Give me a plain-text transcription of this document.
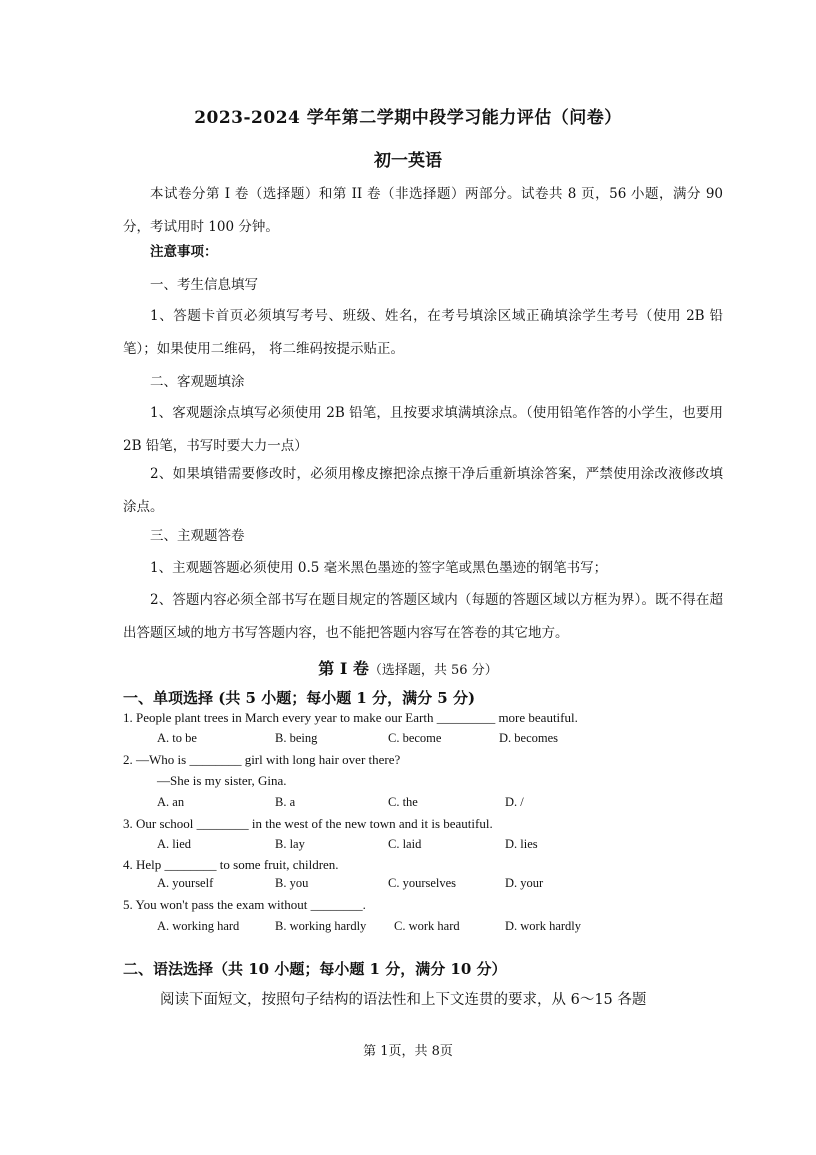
2023-2024 学年第二学期中段学习能力评估（问卷）
初一英语

本试卷分第 I 卷（选择题）和第 II 卷（非选择题）两部分。试卷共 8 页，56 小题，满分 90 分，考试用时 100 分钟。

注意事项：
一、考生信息填写

1、答题卡首页必须填写考号、班级、姓名，在考号填涂区域正确填涂学生考号（使用 2B 铅笔）；如果使用二维码， 将二维码按提示贴正。

二、客观题填涂

1、客观题涂点填写必须使用 2B 铅笔，且按要求填满填涂点。（使用铅笔作答的小学生，也要用 2B 铅笔，书写时要大力一点）

2、如果填错需要修改时，必须用橡皮擦把涂点擦干净后重新填涂答案，严禁使用涂改液修改填涂点。

三、主观题答卷

1、主观题答题必须使用 0.5 毫米黑色墨迹的签字笔或黑色墨迹的钢笔书写；

2、答题内容必须全部书写在题目规定的答题区域内（每题的答题区域以方框为界）。既不得在超出答题区域的地方书写答题内容，也不能把答题内容写在答卷的其它地方。

第 I 卷（选择题，共 56 分）
一、单项选择 (共 5 小题；每小题 1 分，满分 5 分)
1. People plant trees in March every year to make our Earth _________ more beautiful.
A. to be	B. being	C. become	D. becomes
2. —Who is ________ girl with long hair over there?
—She is my sister, Gina.
A. an	B. a	C. the	D. /
3. Our school ________ in the west of the new town and it is beautiful.
A. lied	B. lay	C. laid	D. lies
4. Help ________ to some fruit, children.
A. yourself	B. you	C. yourselves	D. your
5. You won't pass the exam without ________.
A. working hard	B. working hardly C. work hard	D. work hardly
二、语法选择（共 10 小题；每小题 1 分，满分 10 分）
阅读下面短文，按照句子结构的语法性和上下文连贯的要求，从 6～15 各题
第 1页，共 8页
